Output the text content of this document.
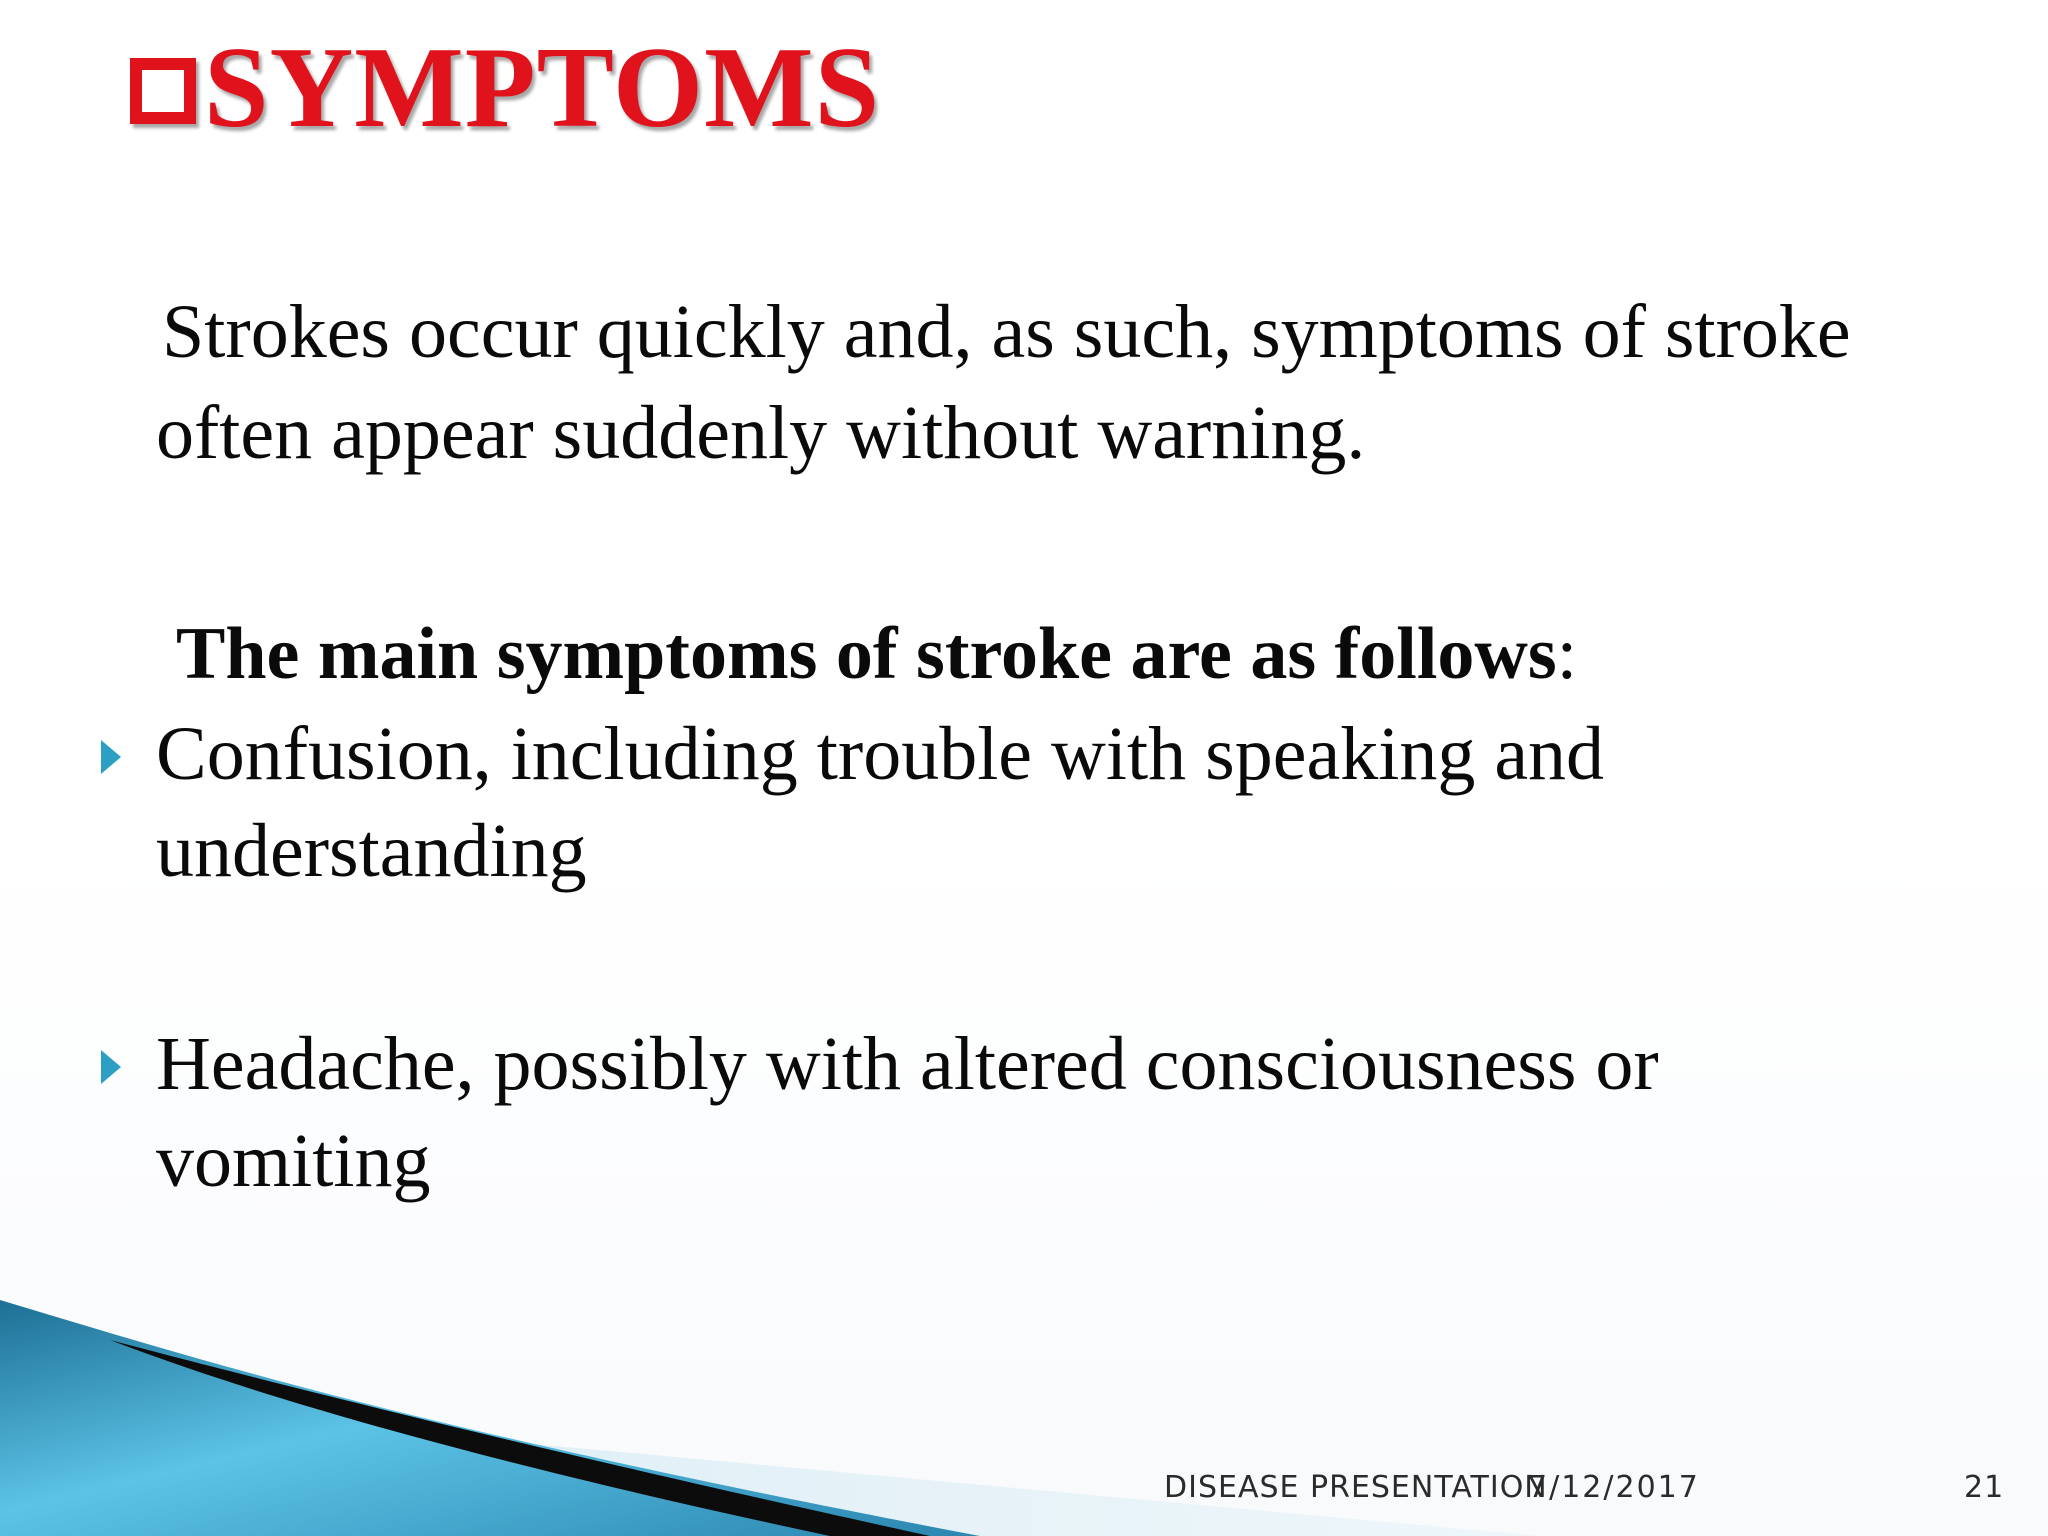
SYMPTOMS
Strokes occur quickly and, as such, symptoms of stroke
often appear suddenly without warning.
The main symptoms of stroke are as follows:
Confusion, including trouble with speaking and
understanding
Headache, possibly with altered consciousness or
vomiting
DISEASE PRESENTATION
7/12/2017	21
